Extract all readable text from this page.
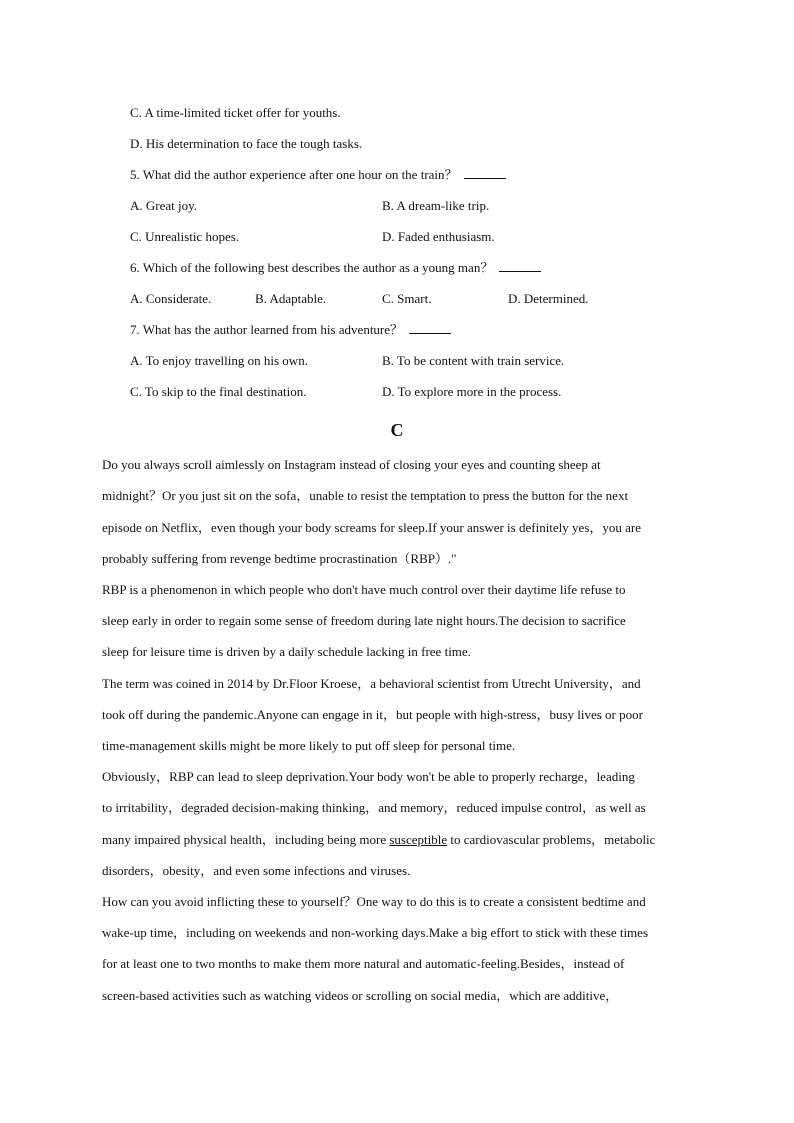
C. A time-limited ticket offer for youths.
D. His determination to face the tough tasks.
5. What did the author experience after one hour on the train？
A. Great joy.	B. A dream-like trip.
C. Unrealistic hopes.	D. Faded enthusiasm.
6. Which of the following best describes the author as a young man？
A. Considerate.	B. Adaptable.	C. Smart.	D. Determined.
7. What has the author learned from his adventure？
A. To enjoy travelling on his own.	B. To be content with train service.
C. To skip to the final destination.	D. To explore more in the process.
C
Do you always scroll aimlessly on Instagram instead of closing your eyes and counting sheep at
midnight？Or you just sit on the sofa，unable to resist the temptation to press the button for the next
episode on Netflix，even though your body screams for sleep.If your answer is definitely yes，you are
probably suffering from revenge bedtime procrastination（RBP）."
RBP is a phenomenon in which people who don't have much control over their daytime life refuse to
sleep early in order to regain some sense of freedom during late night hours.The decision to sacrifice
sleep for leisure time is driven by a daily schedule lacking in free time.
The term was coined in 2014 by Dr.Floor Kroese，a behavioral scientist from Utrecht University，and
took off during the pandemic.Anyone can engage in it，but people with high-stress，busy lives or poor
time-management skills might be more likely to put off sleep for personal time.
Obviously，RBP can lead to sleep deprivation.Your body won't be able to properly recharge，leading
to irritability，degraded decision-making thinking，and memory，reduced impulse control，as well as
many impaired physical health，including being more susceptible to cardiovascular problems，metabolic
disorders，obesity，and even some infections and viruses.
How can you avoid inflicting these to yourself？One way to do this is to create a consistent bedtime and
wake-up time，including on weekends and non-working days.Make a big effort to stick with these times
for at least one to two months to make them more natural and automatic-feeling.Besides，instead of
screen-based activities such as watching videos or scrolling on social media，which are additive，
